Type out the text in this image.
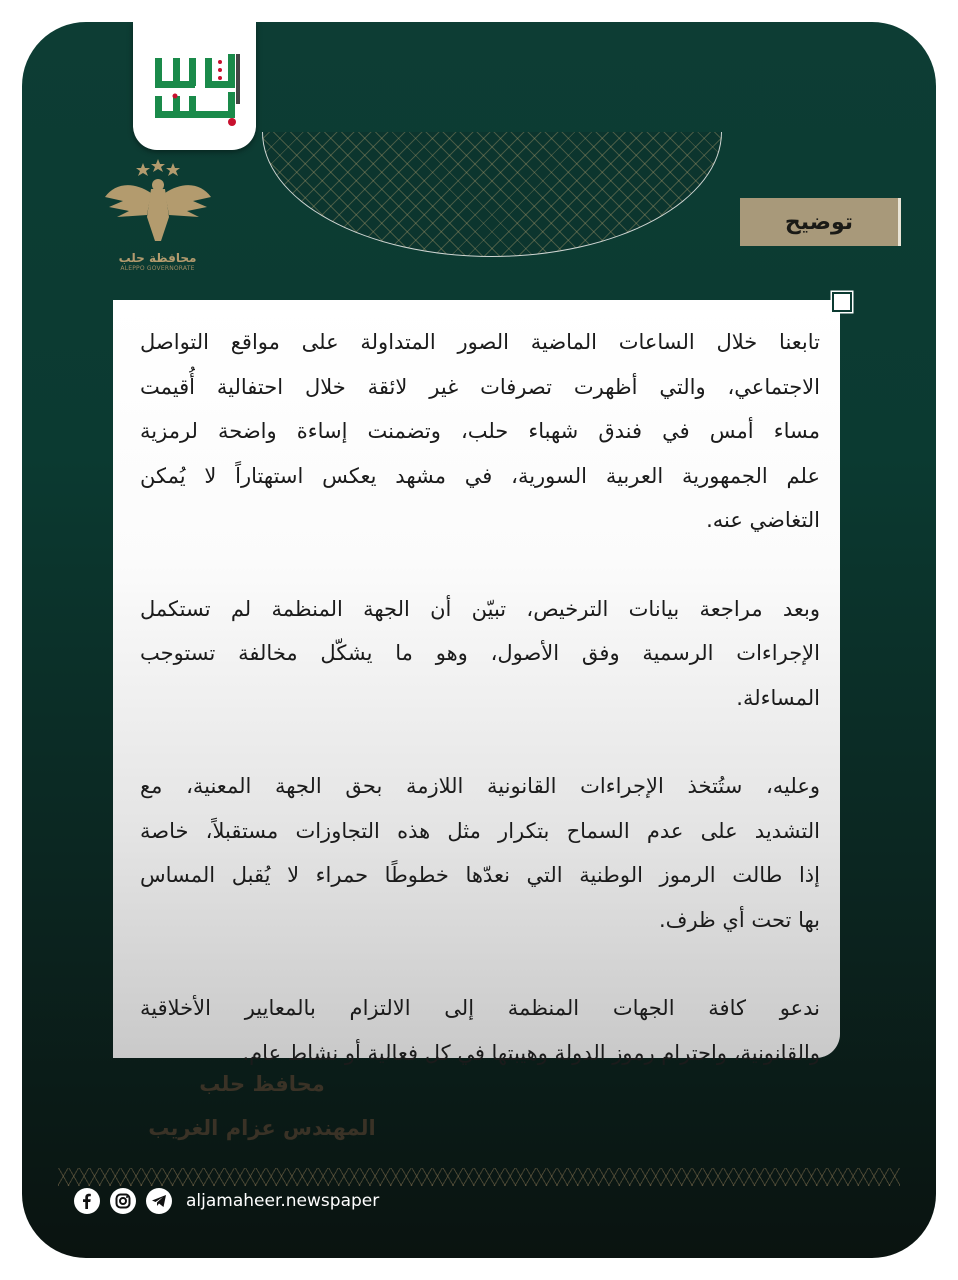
محافظة حلب
ALEPPO GOVERNORATE
توضيح
تابعنا خلال الساعات الماضية الصور المتداولة على مواقع التواصل
الاجتماعي، والتي أظهرت تصرفات غير لائقة خلال احتفالية أُقيمت
مساء أمس في فندق شهباء حلب، وتضمنت إساءة واضحة لرمزية
علم الجمهورية العربية السورية، في مشهد يعكس استهتاراً لا يُمكن
التغاضي عنه.
وبعد مراجعة بيانات الترخيص، تبيّن أن الجهة المنظمة لم تستكمل
الإجراءات الرسمية وفق الأصول، وهو ما يشكّل مخالفة تستوجب
المساءلة.
وعليه، ستُتخذ الإجراءات القانونية اللازمة بحق الجهة المعنية، مع
التشديد على عدم السماح بتكرار مثل هذه التجاوزات مستقبلاً، خاصة
إذا طالت الرموز الوطنية التي نعدّها خطوطًا حمراء لا يُقبل المساس
بها تحت أي ظرف.
ندعو كافة الجهات المنظمة إلى الالتزام بالمعايير الأخلاقية
والقانونية، واحترام رموز الدولة وهيبتها في كل فعالية أو نشاط عام.
محافظ حلب
المهندس عزام الغريب
aljamaheer.newspaper
